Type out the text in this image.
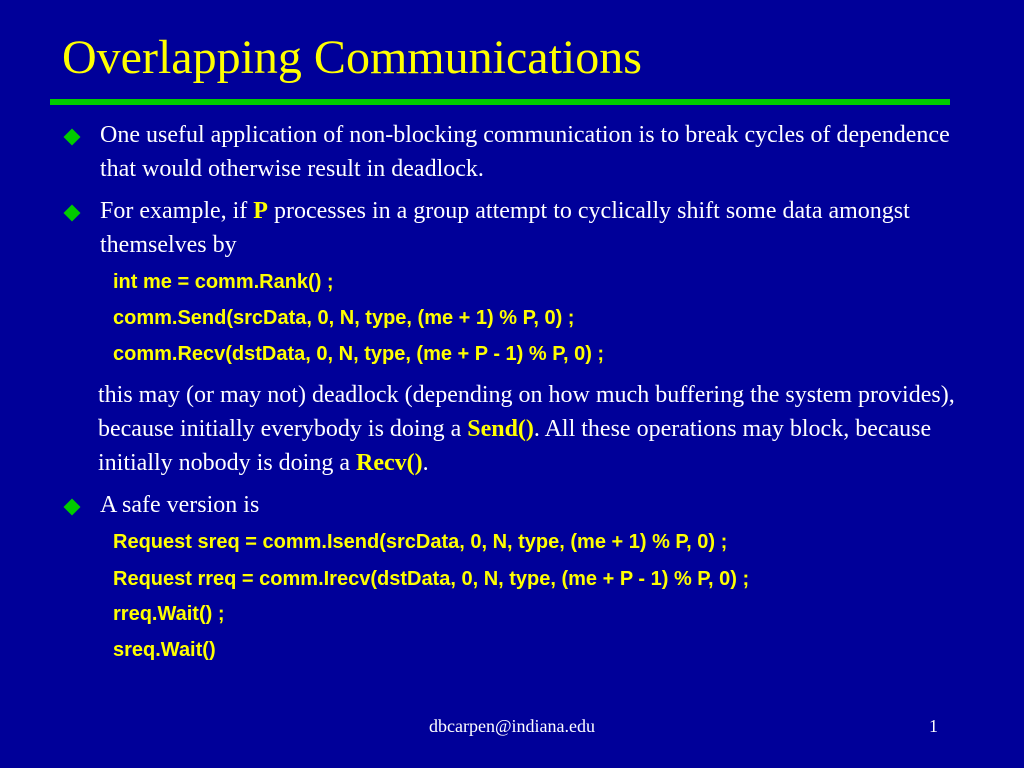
Overlapping Communications
One useful application of non-blocking communication is to break cycles of dependence that would otherwise result in deadlock.
For example, if P processes in a group attempt to cyclically shift some data amongst themselves by
int me = comm.Rank() ;
comm.Send(srcData, 0, N, type, (me + 1) % P, 0) ;
comm.Recv(dstData, 0, N, type, (me + P - 1) % P, 0) ;
this may (or may not) deadlock (depending on how much buffering the system provides), because initially everybody is doing a Send(). All these operations may block, because initially nobody is doing a Recv().
A safe version is
Request sreq = comm.Isend(srcData, 0, N, type, (me + 1) % P, 0) ;
Request rreq = comm.Irecv(dstData, 0, N, type, (me + P - 1) % P, 0) ;
rreq.Wait() ;
sreq.Wait()
dbcarpen@indiana.edu	1
